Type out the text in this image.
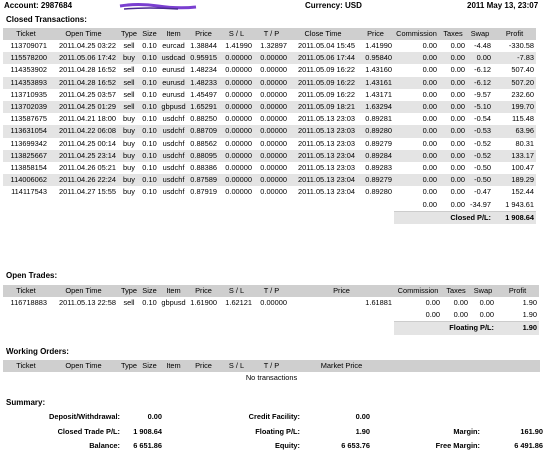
Account: 2987684	Currency: USD	2011 May 13, 23:07
Closed Transactions:
Ticket	Open Time	Type	Size	Item	Price	S / L	T / P	Close Time	Price	Commission	Taxes	Swap	Profit
113709071	2011.04.25 03:22	sell	0.10	eurcad	1.38844	1.41990	1.32897	2011.05.04 15:45	1.41990	0.00	0.00	-4.48	-330.58
115578200	2011.05.06 17:42	buy	0.10	usdcad	0.95915	0.00000	0.00000	2011.05.06 17:44	0.95840	0.00	0.00	0.00	-7.83
114353902	2011.04.28 16:52	sell	0.10	eurusd	1.48234	0.00000	0.00000	2011.05.09 16:22	1.43160	0.00	0.00	-6.12	507.40
114353893	2011.04.28 16:52	sell	0.10	eurusd	1.48233	0.00000	0.00000	2011.05.09 16:22	1.43161	0.00	0.00	-6.12	507.20
113710935	2011.04.25 03:57	sell	0.10	eurusd	1.45497	0.00000	0.00000	2011.05.09 16:22	1.43171	0.00	0.00	-9.57	232.60
113702039	2011.04.25 01:29	sell	0.10	gbpusd	1.65291	0.00000	0.00000	2011.05.09 18:21	1.63294	0.00	0.00	-5.10	199.70
113587675	2011.04.21 18:00	buy	0.10	usdchf	0.88250	0.00000	0.00000	2011.05.13 23:03	0.89281	0.00	0.00	-0.54	115.48
113631054	2011.04.22 06:08	buy	0.10	usdchf	0.88709	0.00000	0.00000	2011.05.13 23:03	0.89280	0.00	0.00	-0.53	63.96
113699342	2011.04.25 00:14	buy	0.10	usdchf	0.88562	0.00000	0.00000	2011.05.13 23:03	0.89279	0.00	0.00	-0.52	80.31
113825667	2011.04.25 23:14	buy	0.10	usdchf	0.88095	0.00000	0.00000	2011.05.13 23:04	0.89284	0.00	0.00	-0.52	133.17
113858154	2011.04.26 05:21	buy	0.10	usdchf	0.88386	0.00000	0.00000	2011.05.13 23:03	0.89283	0.00	0.00	-0.50	100.47
114006062	2011.04.26 22:24	buy	0.10	usdchf	0.87589	0.00000	0.00000	2011.05.13 23:04	0.89279	0.00	0.00	-0.50	189.29
114117543	2011.04.27 15:55	buy	0.10	usdchf	0.87919	0.00000	0.00000	2011.05.13 23:04	0.89280	0.00	0.00	-0.47	152.44
										0.00	0.00	-34.97	1 943.61
										Closed P/L:			1 908.64
Open Trades:
Ticket	Open Time	Type	Size	Item	Price	S / L	T / P	Price	Commission	Taxes	Swap	Profit
116718883	2011.05.13 22:58	sell	0.10	gbpusd	1.61900	1.62121	0.00000	1.61881	0.00	0.00	0.00	1.90
									0.00	0.00	0.00	1.90
									Floating P/L:			1.90
Working Orders:
Ticket	Open Time	Type	Size	Item	Price	S / L	T / P	Market Price	
No transactions
Summary:
Deposit/Withdrawal:	0.00	Credit Facility:	0.00
Closed Trade P/L:	1 908.64	Floating P/L:	1.90	Margin:	161.90
Balance:	6 651.86	Equity:	6 653.76	Free Margin:	6 491.86
